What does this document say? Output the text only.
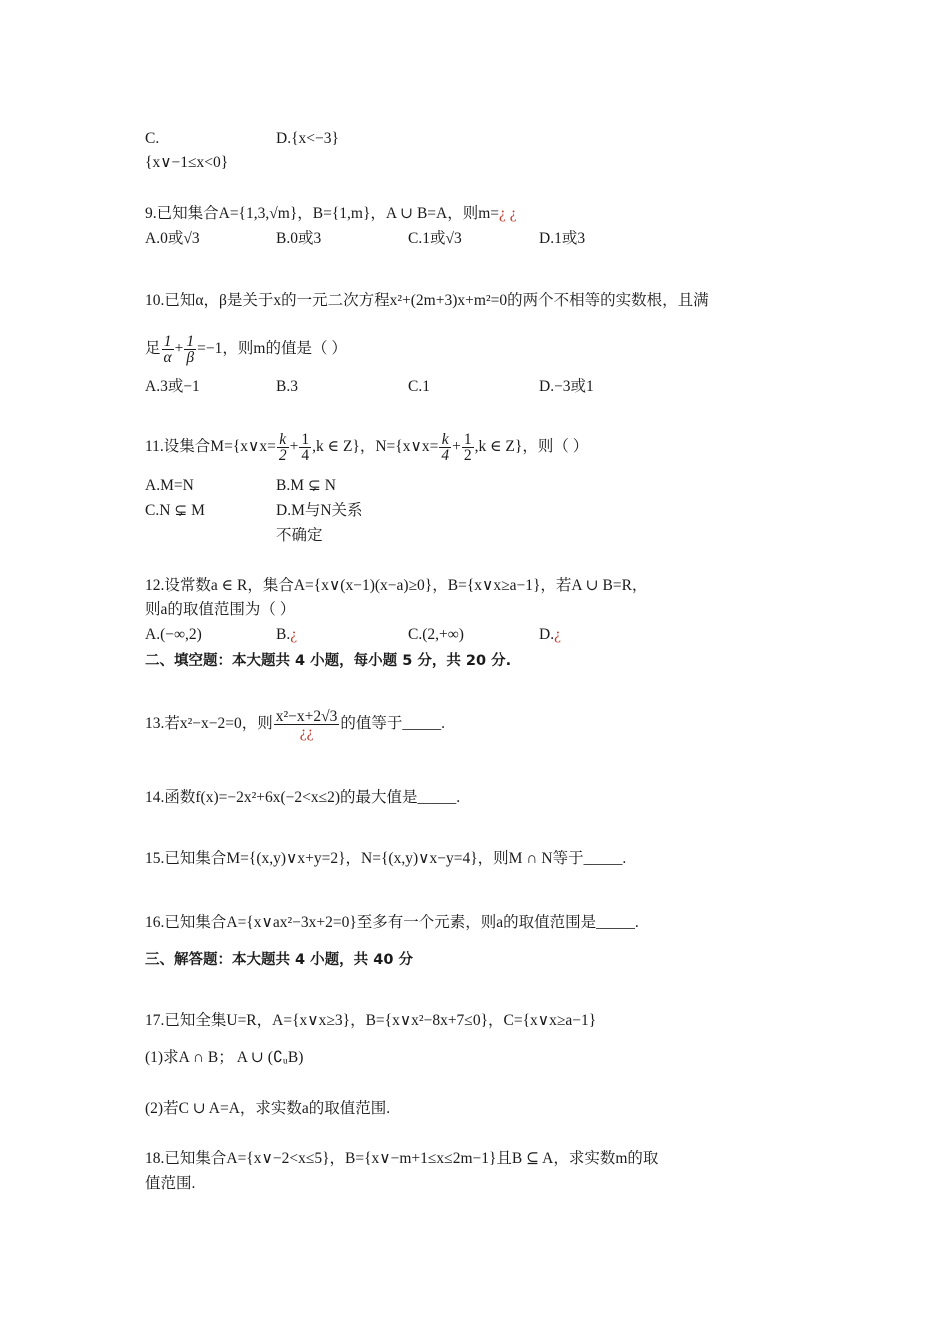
C.	D.{x<−3}
{x∨−1≤x<0}
9.已知集合A={1,3,√m}，B={1,m}，A ∪ B=A，则m=¿ ¿
A.0或√3	B.0或3	C.1或√3	D.1或3
10.已知α，β是关于x的一元二次方程x²+(2m+3)x+m²=0的两个不相等的实数根，且满
足 $\frac{1}{\alpha} + \frac{1}{\beta} =-1$，则m的值是（ ）
A.3或−1	B.3	C.1	D.−3或1
11.设集合M={x∨x= $\frac{k}{2} + \frac{1}{4} ,k$ ∈ Z}，N={x∨x= $\frac{k}{4} + \frac{1}{2} ,k$ ∈ Z}，则（ ）
A.M=N	B.M ⊊ N
C.N ⊊ M	D.M与N关系
不确定
12.设常数a ∈ R，集合A={x∨(x−1)(x−a)≥0}，B={x∨x≥a−1}，若A ∪ B=R，
则a的取值范围为（ ）
A.(−∞,2)	B.¿	C.(2,+∞)	D.¿
二、填空题：本大题共 4 小题，每小题 5 分，共 20 分.
13.若x²−x−2=0，则 $\frac{\text{x²−x+2√3}}{¿¿}$ 的值等于_____.
14.函数f(x)=−2x²+6x(−2<x≤2)的最大值是_____.
15.已知集合M={(x,y)∨x+y=2}，N={(x,y)∨x−y=4}，则M ∩ N等于_____.
16.已知集合A={x∨ax²−3x+2=0}至多有一个元素，则a的取值范围是_____.
三、解答题：本大题共 4 小题，共 40 分
17.已知全集U=R，A={x∨x≥3}，B={x∨x²−8x+7≤0}，C={x∨x≥a−1}
(1)求A ∩ B； A ∪ (∁ᵤB)
(2)若C ∪ A=A，求实数a的取值范围.
18.已知集合A={x∨−2<x≤5}，B={x∨−m+1≤x≤2m−1}且B ⊆ A，求实数m的取
值范围.
